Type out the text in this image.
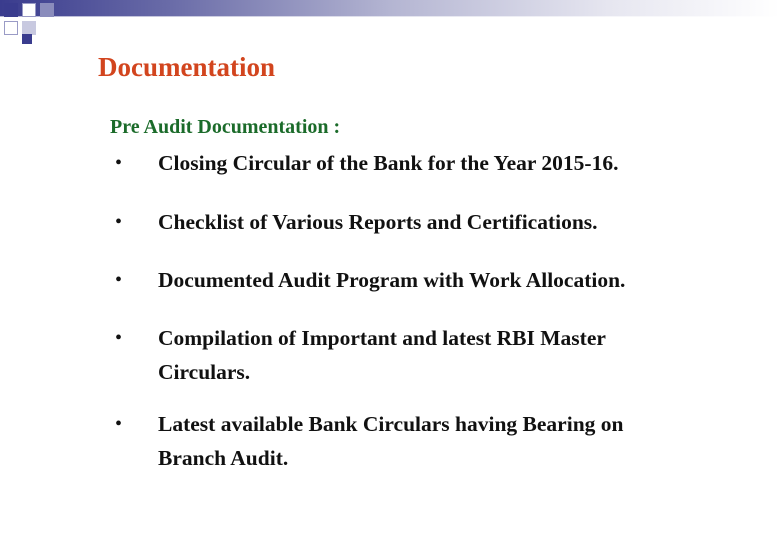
Documentation
Pre Audit Documentation :
• Closing Circular of the Bank for the Year 2015-16.
• Checklist of Various Reports and Certifications.
• Documented Audit Program with Work Allocation.
• Compilation of Important and latest RBI Master Circulars.
• Latest available Bank Circulars having Bearing on Branch Audit.
